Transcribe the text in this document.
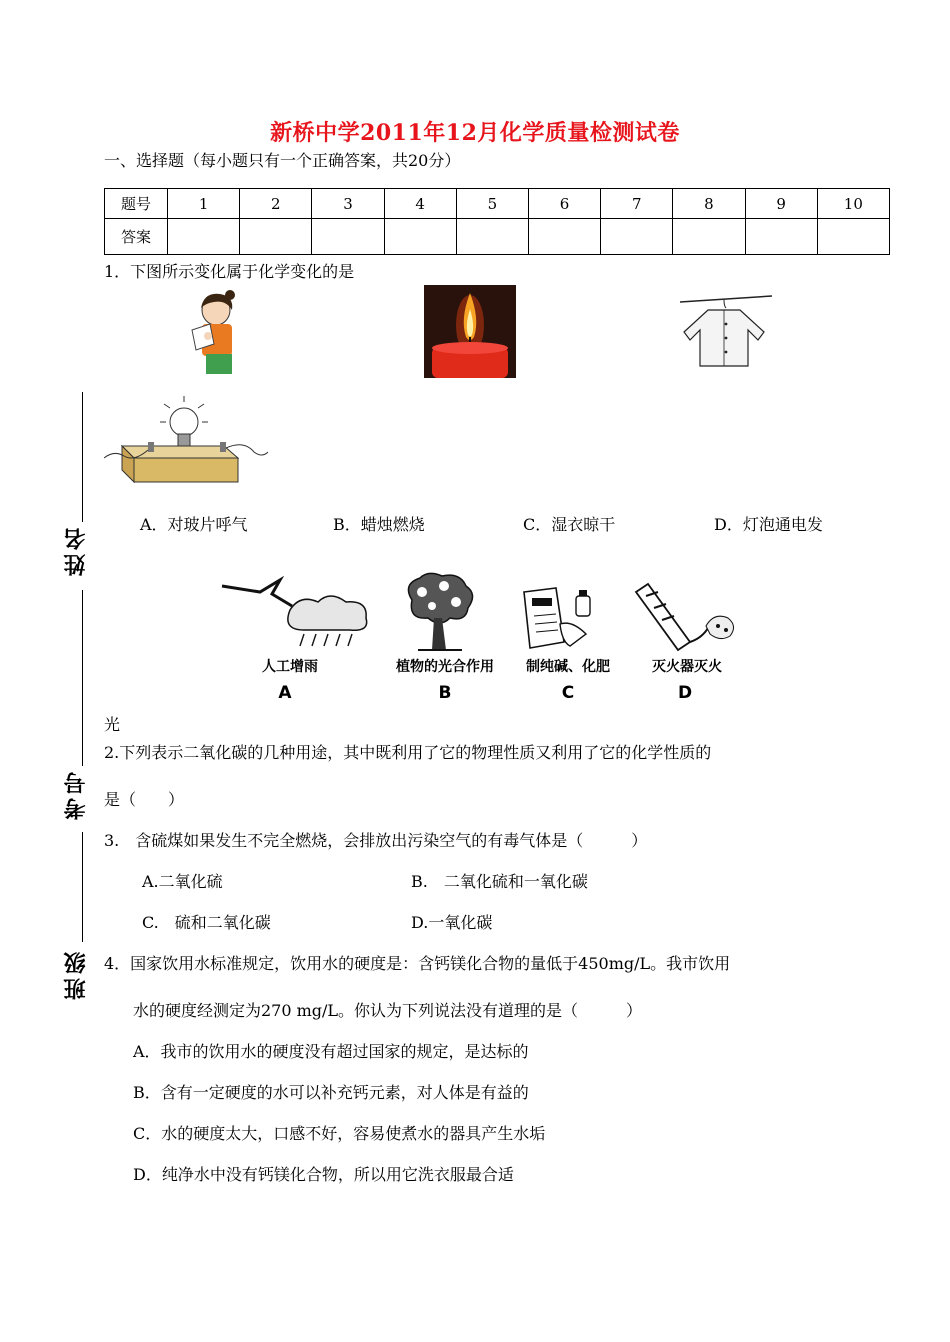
新桥中学2011年12月化学质量检测试卷
一、选择题（每小题只有一个正确答案，共20分）
题号	1	2	3	4	5	6	7	8	9	10
答案										
1．下图所示变化属于化学变化的是
A．对玻片呼气	B．蜡烛燃烧	C．湿衣晾干	D．灯泡通电发
人工增雨	植物的光合作用	制纯碱、化肥	灭火器灭火
A	B	C	D
光
2.下列表示二氧化碳的几种用途，其中既利用了它的物理性质又利用了它的化学性质的
是（　　）
3.　含硫煤如果发生不完全燃烧，会排放出污染空气的有毒气体是（　　　）
A.二氧化硫	B.　二氧化硫和一氧化碳
C.　硫和二氧化碳	D.一氧化碳
4．国家饮用水标准规定，饮用水的硬度是：含钙镁化合物的量低于450mg/L。我市饮用
水的硬度经测定为270 mg/L。你认为下列说法没有道理的是（　　　）
A．我市的饮用水的硬度没有超过国家的规定，是达标的
B．含有一定硬度的水可以补充钙元素，对人体是有益的
C．水的硬度太大，口感不好，容易使煮水的器具产生水垢
D．纯净水中没有钙镁化合物，所以用它洗衣服最合适
姓名
考号
班级
